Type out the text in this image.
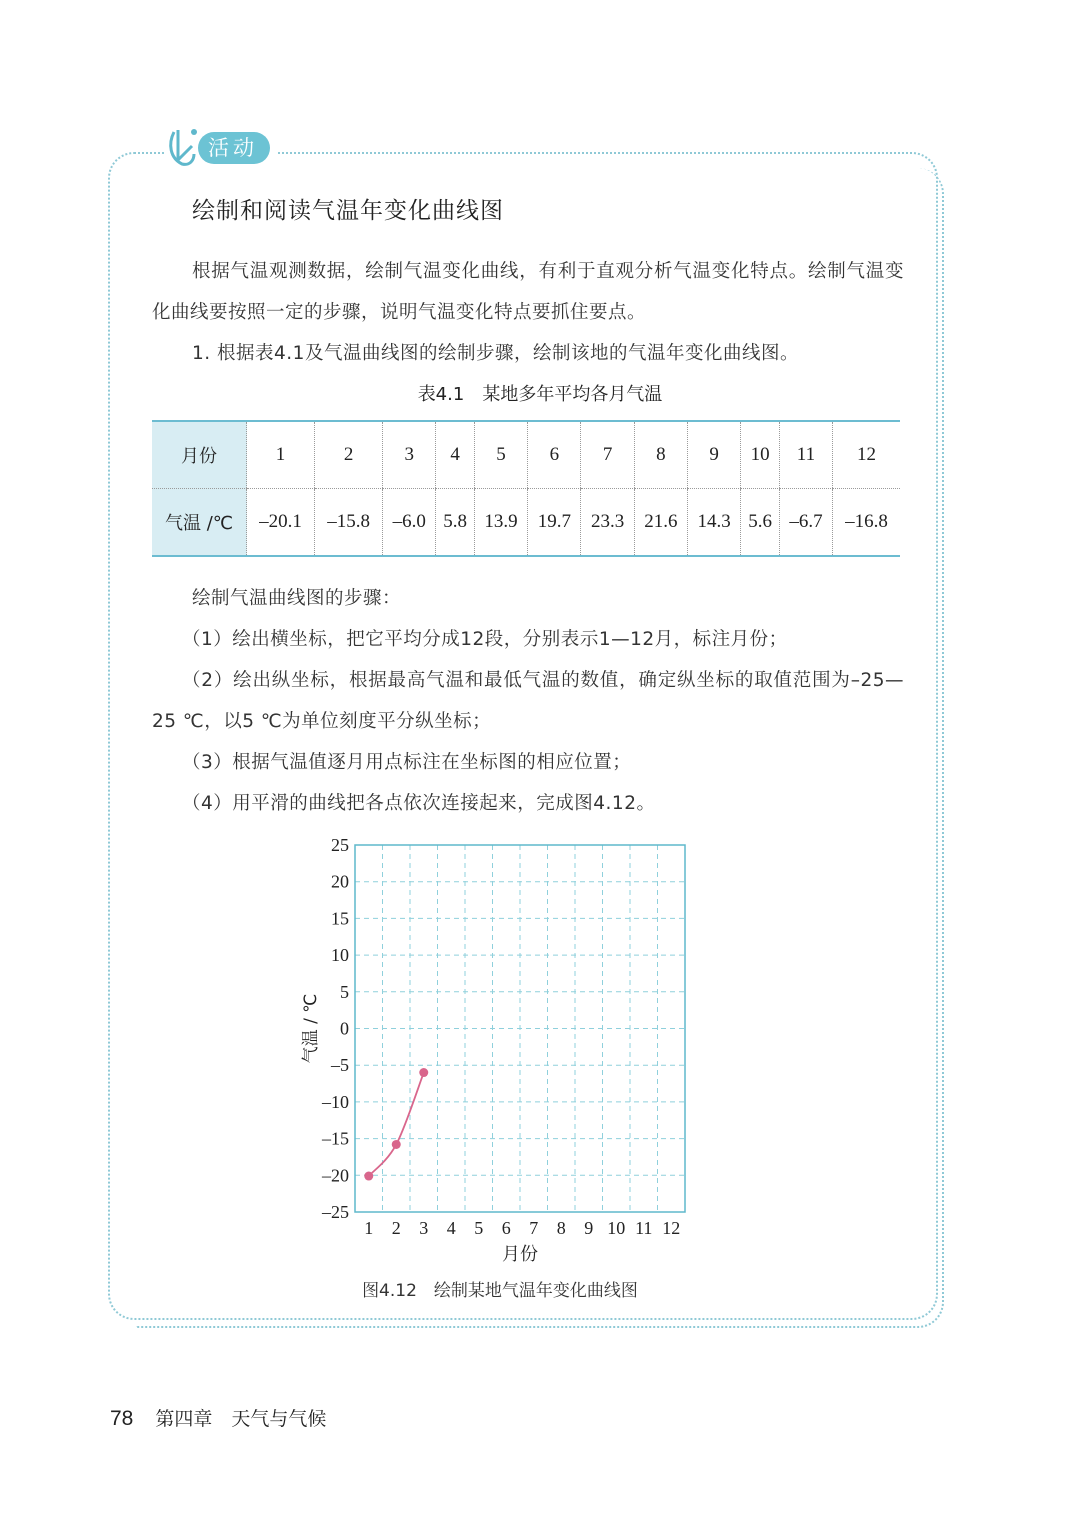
活动
绘制和阅读气温年变化曲线图
根据气温观测数据，绘制气温变化曲线，有利于直观分析气温变化特点。绘制气温变化曲线要按照一定的步骤，说明气温变化特点要抓住要点。
1. 根据表4.1及气温曲线图的绘制步骤，绘制该地的气温年变化曲线图。
表4.1　某地多年平均各月气温
月份	1	2	3	4	5	6	7	8	9	10	11	12
气温 /℃	–20.1	–15.8	–6.0	5.8	13.9	19.7	23.3	21.6	14.3	5.6	–6.7	–16.8
绘制气温曲线图的步骤：
（1）绘出横坐标，把它平均分成12段，分别表示1—12月，标注月份；
（2）绘出纵坐标，根据最高气温和最低气温的数值，确定纵坐标的取值范围为–25—25 ℃，以5 ℃为单位刻度平分纵坐标；
（3）根据气温值逐月用点标注在坐标图的相应位置；
（4）用平滑的曲线把各点依次连接起来，完成图4.12。
25
20
15
10
5
0
–5
–10
–15
–20
–25
1 2 3 4 5 6 7 8 9 10 11 12
月份
气温 / ℃
图4.12　绘制某地气温年变化曲线图
78 第四章　天气与气候
